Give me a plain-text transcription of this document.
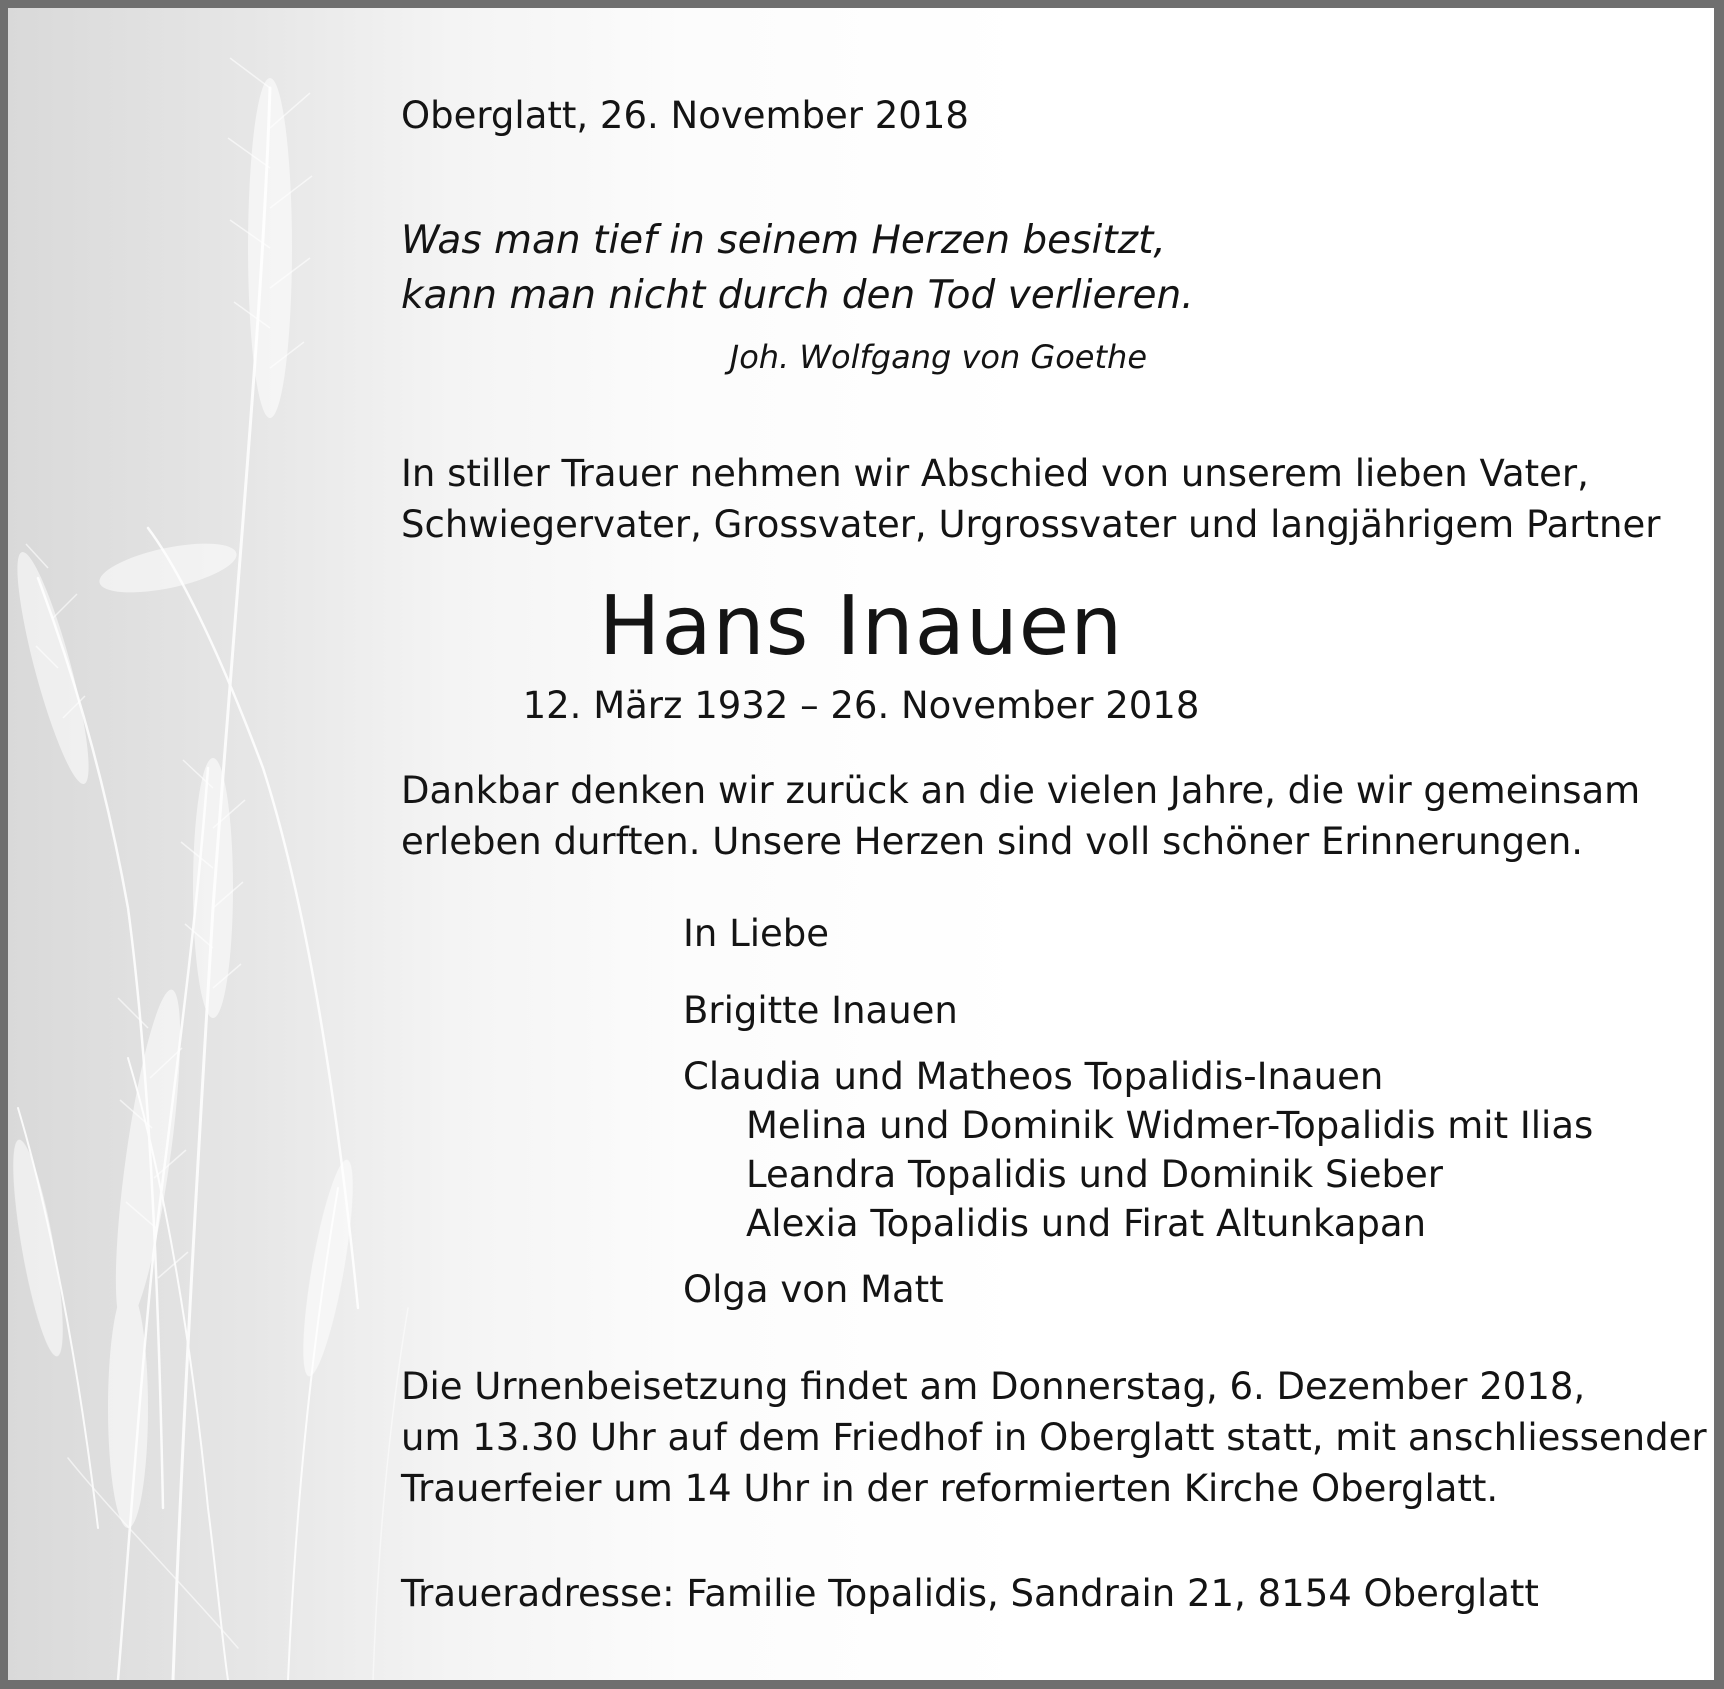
Oberglatt, 26. November 2018
Was man tief in seinem Herzen besitzt,
kann man nicht durch den Tod verlieren.
Joh. Wolfgang von Goethe
In stiller Trauer nehmen wir Abschied von unserem lieben Vater,
Schwiegervater, Grossvater, Urgrossvater und langjährigem Partner
Hans Inauen
12. März 1932 – 26. November 2018
Dankbar denken wir zurück an die vielen Jahre, die wir gemeinsam
erleben durften. Unsere Herzen sind voll schöner Erinnerungen.
In Liebe
Brigitte Inauen
Claudia und Matheos Topalidis-Inauen
Melina und Dominik Widmer-Topalidis mit Ilias
Leandra Topalidis und Dominik Sieber
Alexia Topalidis und Firat Altunkapan
Olga von Matt
Die Urnenbeisetzung findet am Donnerstag, 6. Dezember 2018,
um 13.30 Uhr auf dem Friedhof in Oberglatt statt, mit anschliessender
Trauerfeier um 14 Uhr in der reformierten Kirche Oberglatt.
Traueradresse: Familie Topalidis, Sandrain 21, 8154 Oberglatt
